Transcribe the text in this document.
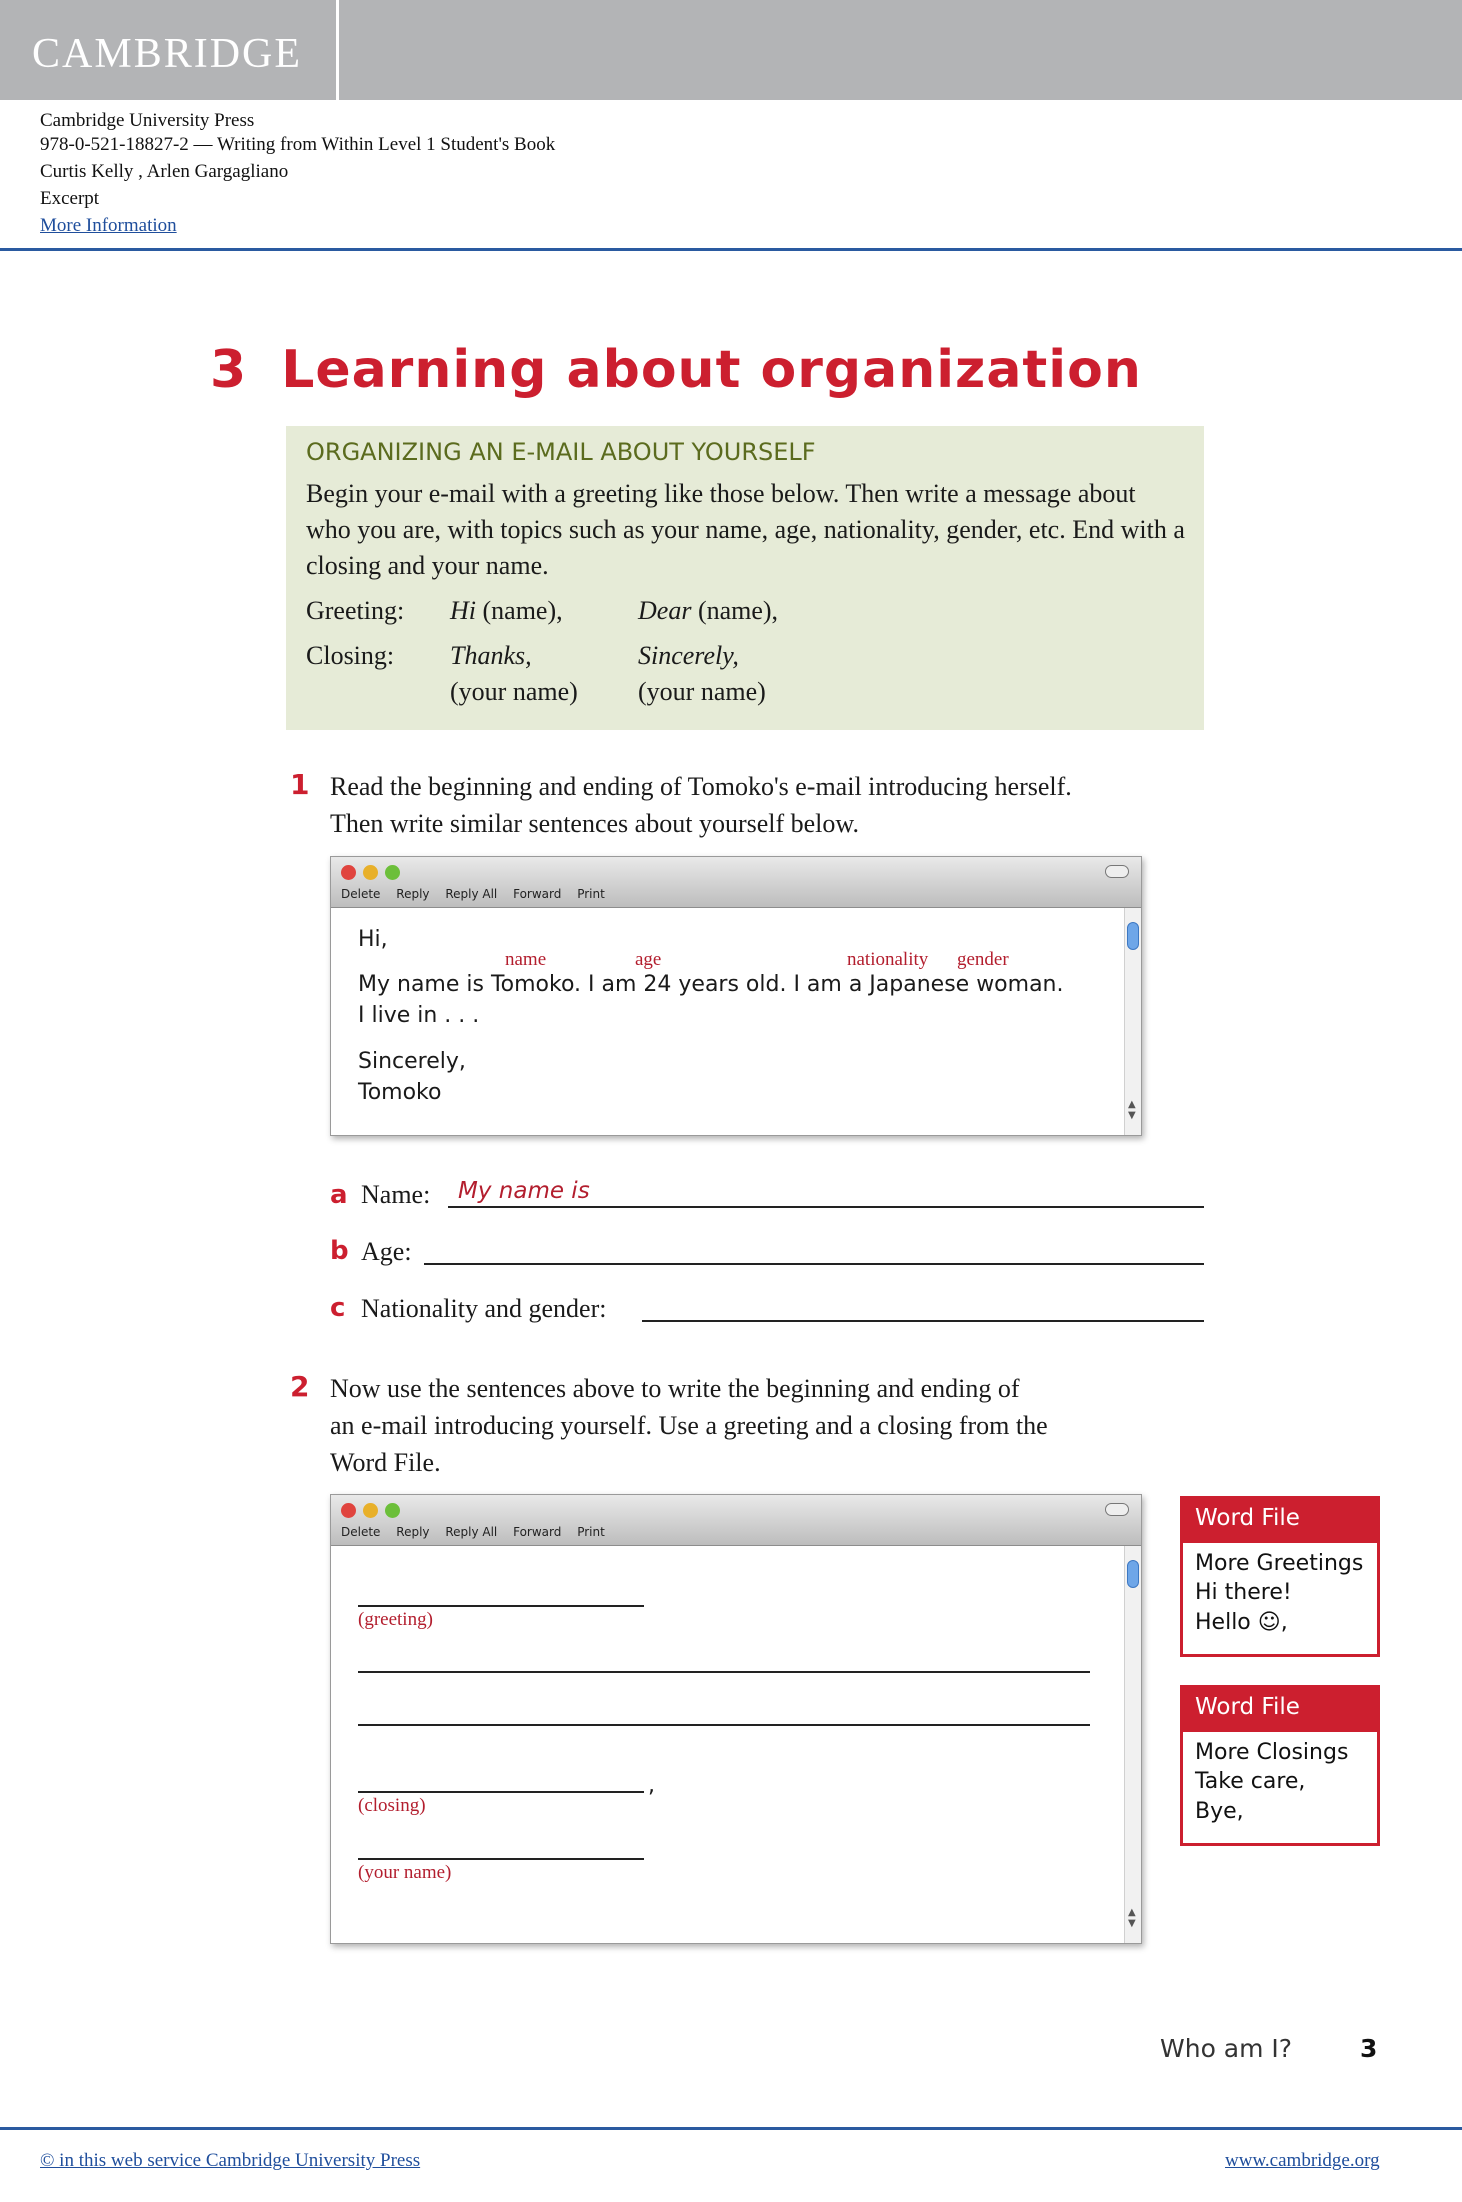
CAMBRIDGE
Cambridge University Press
978-0-521-18827-2 — Writing from Within Level 1 Student's Book
Curtis Kelly , Arlen Gargagliano
Excerpt
More Information
3 Learning about organization
ORGANIZING AN E-MAIL ABOUT YOURSELF
Begin your e-mail with a greeting like those below. Then write a message about who you are, with topics such as your name, age, nationality, gender, etc. End with a closing and your name.
Greeting: Hi (name),	Dear (name),
Closing: Thanks,	Sincerely,
(your name) (your name)
1 Read the beginning and ending of Tomoko's e-mail introducing herself.
Then write similar sentences about yourself below.
Delete Reply Reply All Forward Print
▲
▼
Hi,
name	age	nationality gender
My name is Tomoko. I am 24 years old. I am a Japanese woman.
I live in . . .
Sincerely,
Tomoko
a Name: My name is
b Age:
c Nationality and gender:
2 Now use the sentences above to write the beginning and ending of
an e-mail introducing yourself. Use a greeting and a closing from the
Word File.
Delete Reply Reply All Forward Print
▲
▼
(greeting)
,
(closing)
(your name)
Word File
More Greetings
Hi there!
Hello ☺,
Word File
More Closings
Take care,
Bye,
Who am I?	3
© in this web service Cambridge University Press	www.cambridge.org
